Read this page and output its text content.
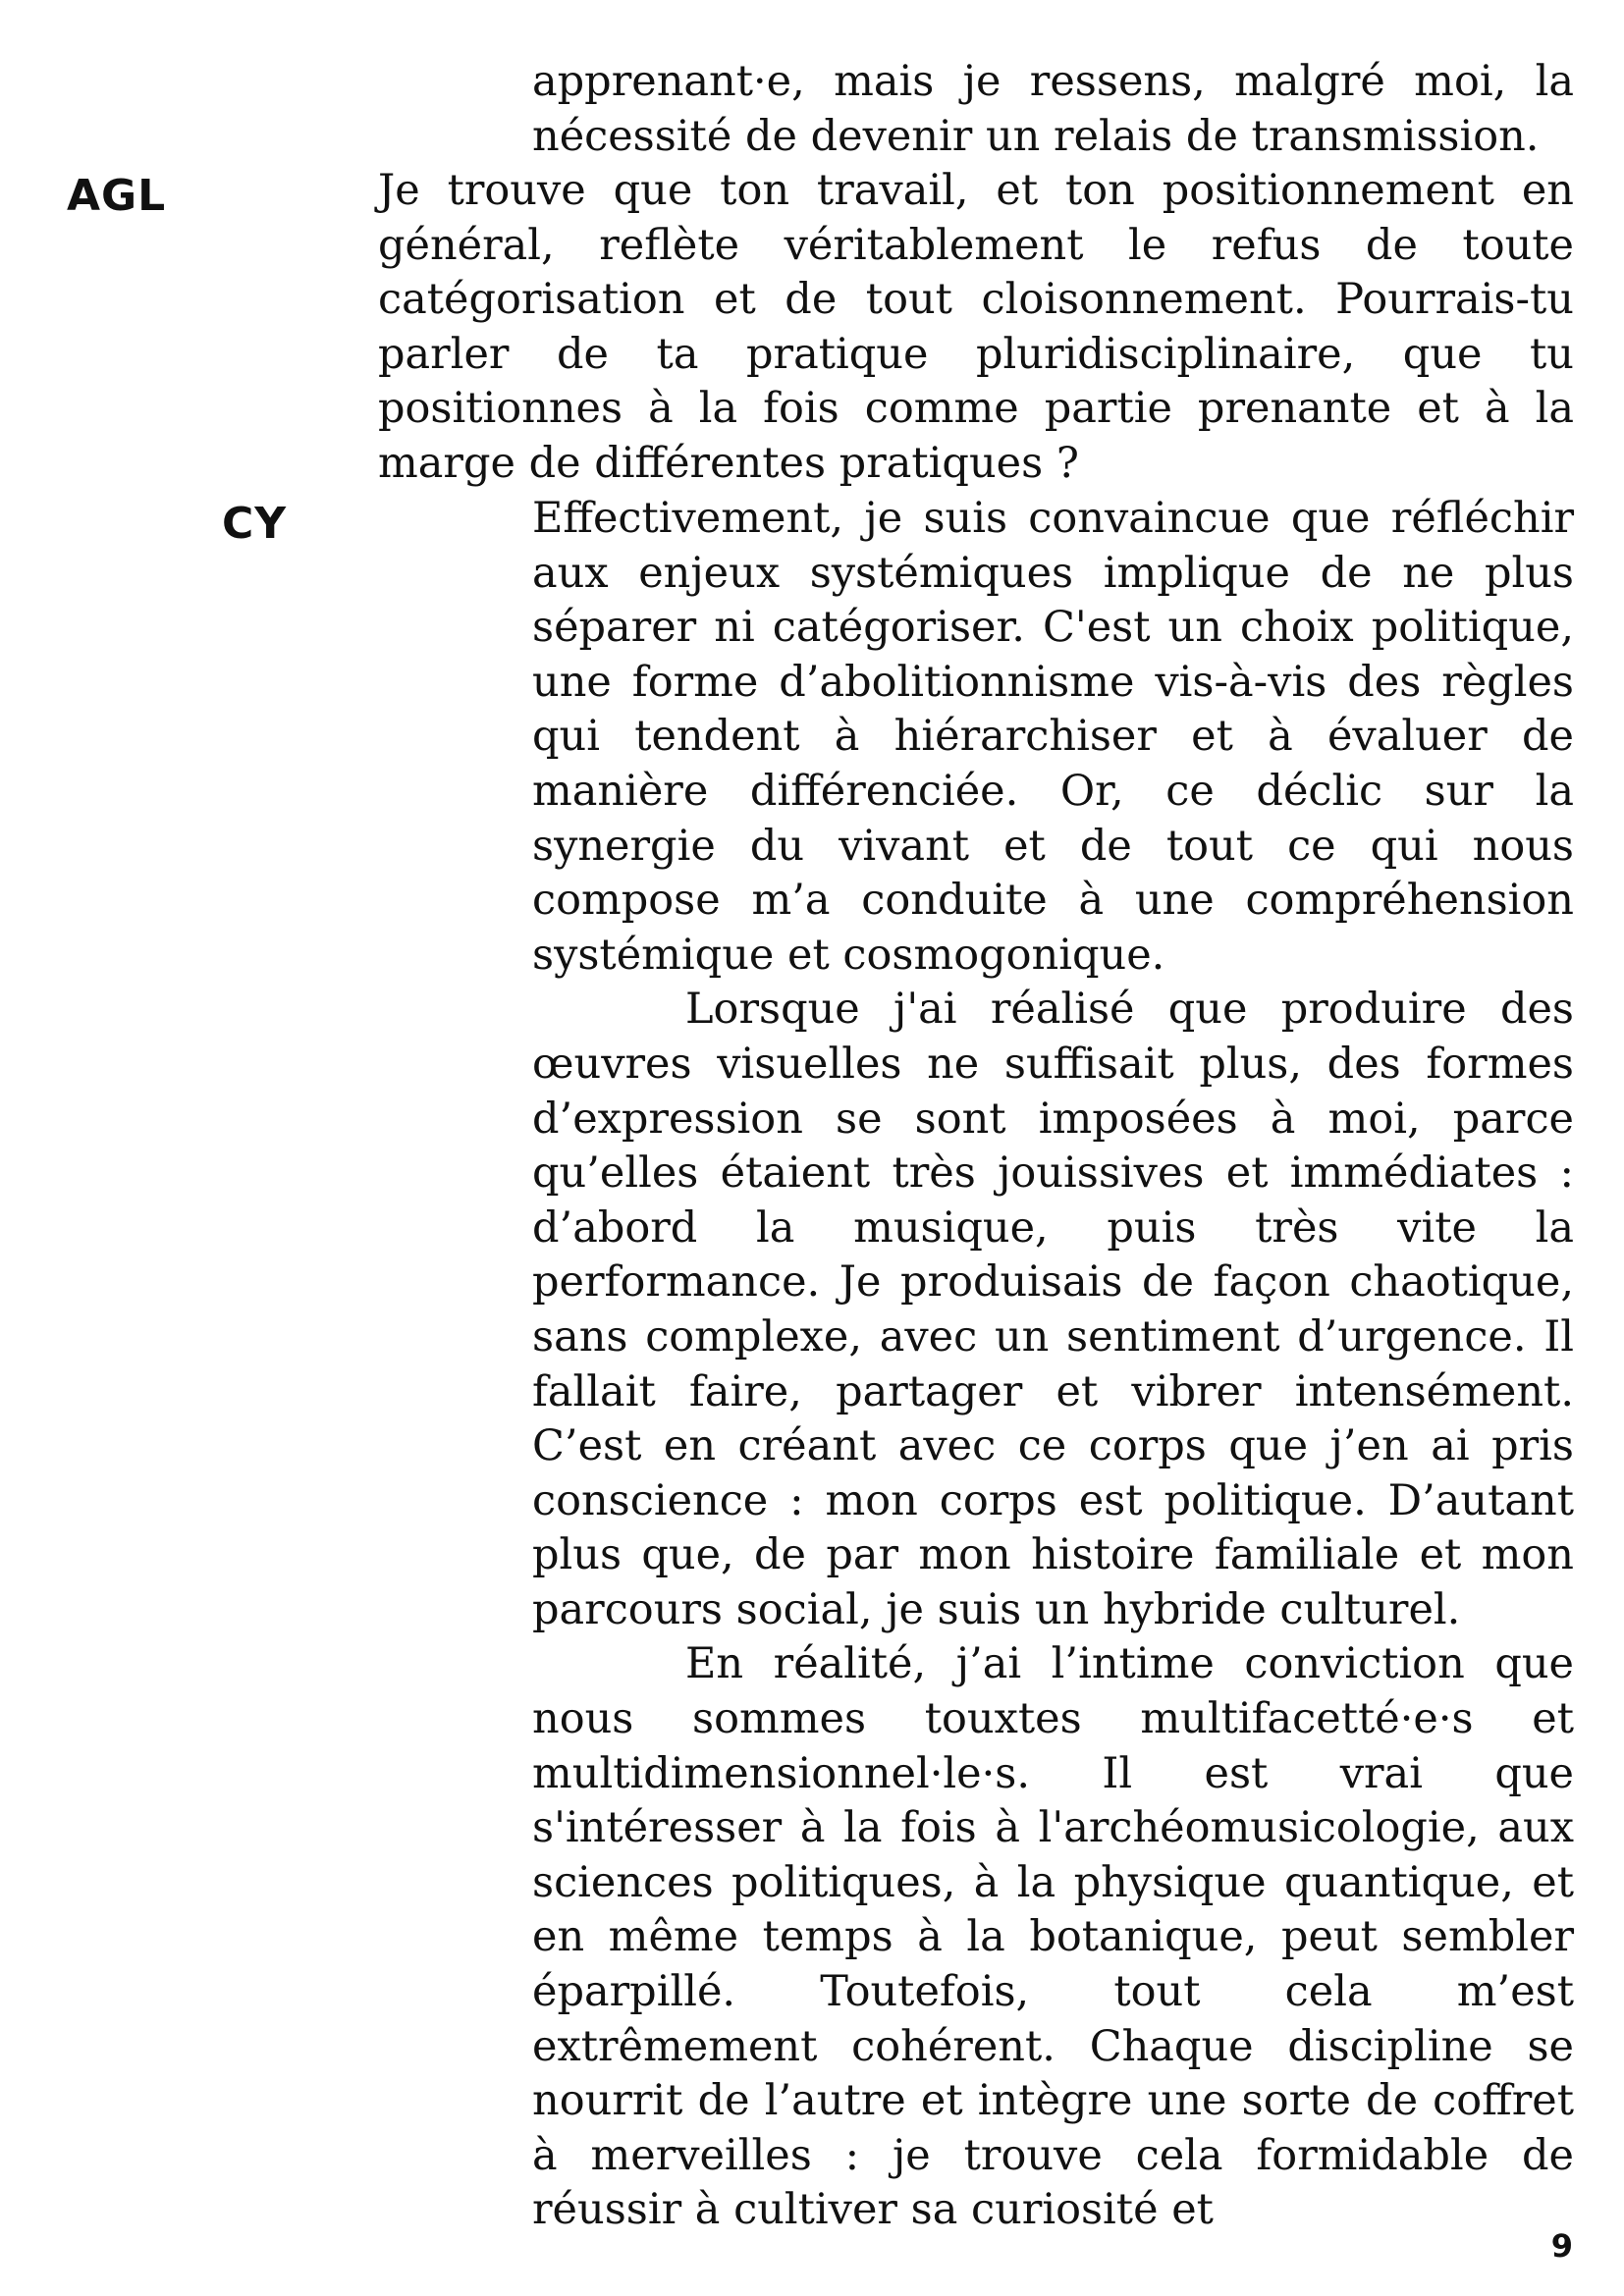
apprenant·e, mais je ressens, malgré moi, la nécessité de devenir un relais de transmission.

AGL	Je trouve que ton travail, et ton positionnement en général, reflète véritablement le refus de toute catégorisation et de tout cloisonnement. Pourrais-tu parler de ta pratique pluridisciplinaire, que tu positionnes à la fois comme partie prenante et à la marge de différentes pratiques ?

CY	Effectivement, je suis convaincue que réfléchir aux enjeux systémiques implique de ne plus séparer ni catégoriser. C'est un choix politique, une forme d’abolitionnisme vis-à-vis des règles qui tendent à hiérarchiser et à évaluer de manière différenciée. Or, ce déclic sur la synergie du vivant et de tout ce qui nous compose m’a conduite à une compréhension systémique et cosmogonique.

Lorsque j'ai réalisé que produire des œuvres visuelles ne suffisait plus, des formes d’expression se sont imposées à moi, parce qu’elles étaient très jouissives et immédiates : d’abord la musique, puis très vite la performance. Je produisais de façon chaotique, sans complexe, avec un sentiment d’urgence. Il fallait faire, partager et vibrer intensément. C’est en créant avec ce corps que j’en ai pris conscience : mon corps est politique. D’autant plus que, de par mon histoire familiale et mon parcours social, je suis un hybride culturel.

En réalité, j’ai l’intime conviction que nous sommes touxtes multifacetté·e·s et multidimensionnel·le·s. Il est vrai que s'intéresser à la fois à l'archéomusicologie, aux sciences politiques, à la physique quantique, et en même temps à la botanique, peut sembler éparpillé. Toutefois, tout cela m’est extrêmement cohérent. Chaque discipline se nourrit de l’autre et intègre une sorte de coffret à merveilles : je trouve cela formidable de réussir à cultiver sa curiosité et

9
